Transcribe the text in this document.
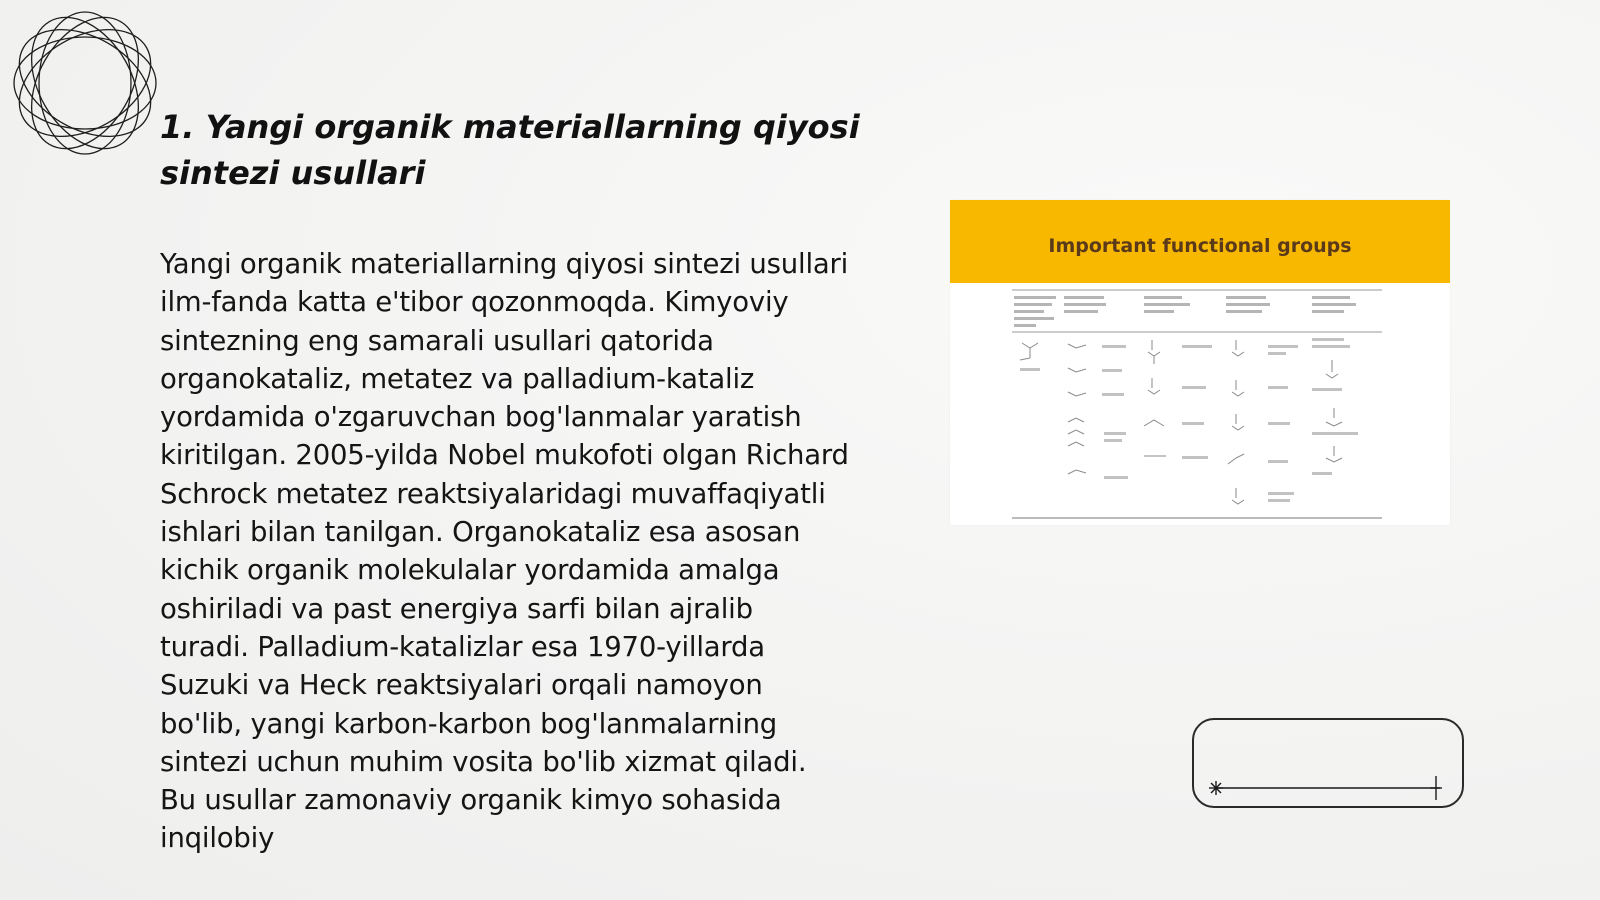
1. Yangi organik materiallarning qiyosi sintezi usullari

Yangi organik materiallarning qiyosi sintezi usullari ilm-fanda katta e'tibor qozonmoqda. Kimyoviy sintezning eng samarali usullari qatorida organokataliz, metatez va palladium-kataliz yordamida o'zgaruvchan bog'lanmalar yaratish kiritilgan. 2005-yilda Nobel mukofoti olgan Richard Schrock metatez reaktsiyalaridagi muvaffaqiyatli ishlari bilan tanilgan. Organokataliz esa asosan kichik organik molekulalar yordamida amalga oshiriladi va past energiya sarfi bilan ajralib turadi. Palladium-katalizlar esa 1970-yillarda Suzuki va Heck reaktsiyalari orqali namoyon bo'lib, yangi karbon-karbon bog'lanmalarning sintezi uchun muhim vosita bo'lib xizmat qiladi. Bu usullar zamonaviy organik kimyo sohasida inqilobiy

Important functional groups
